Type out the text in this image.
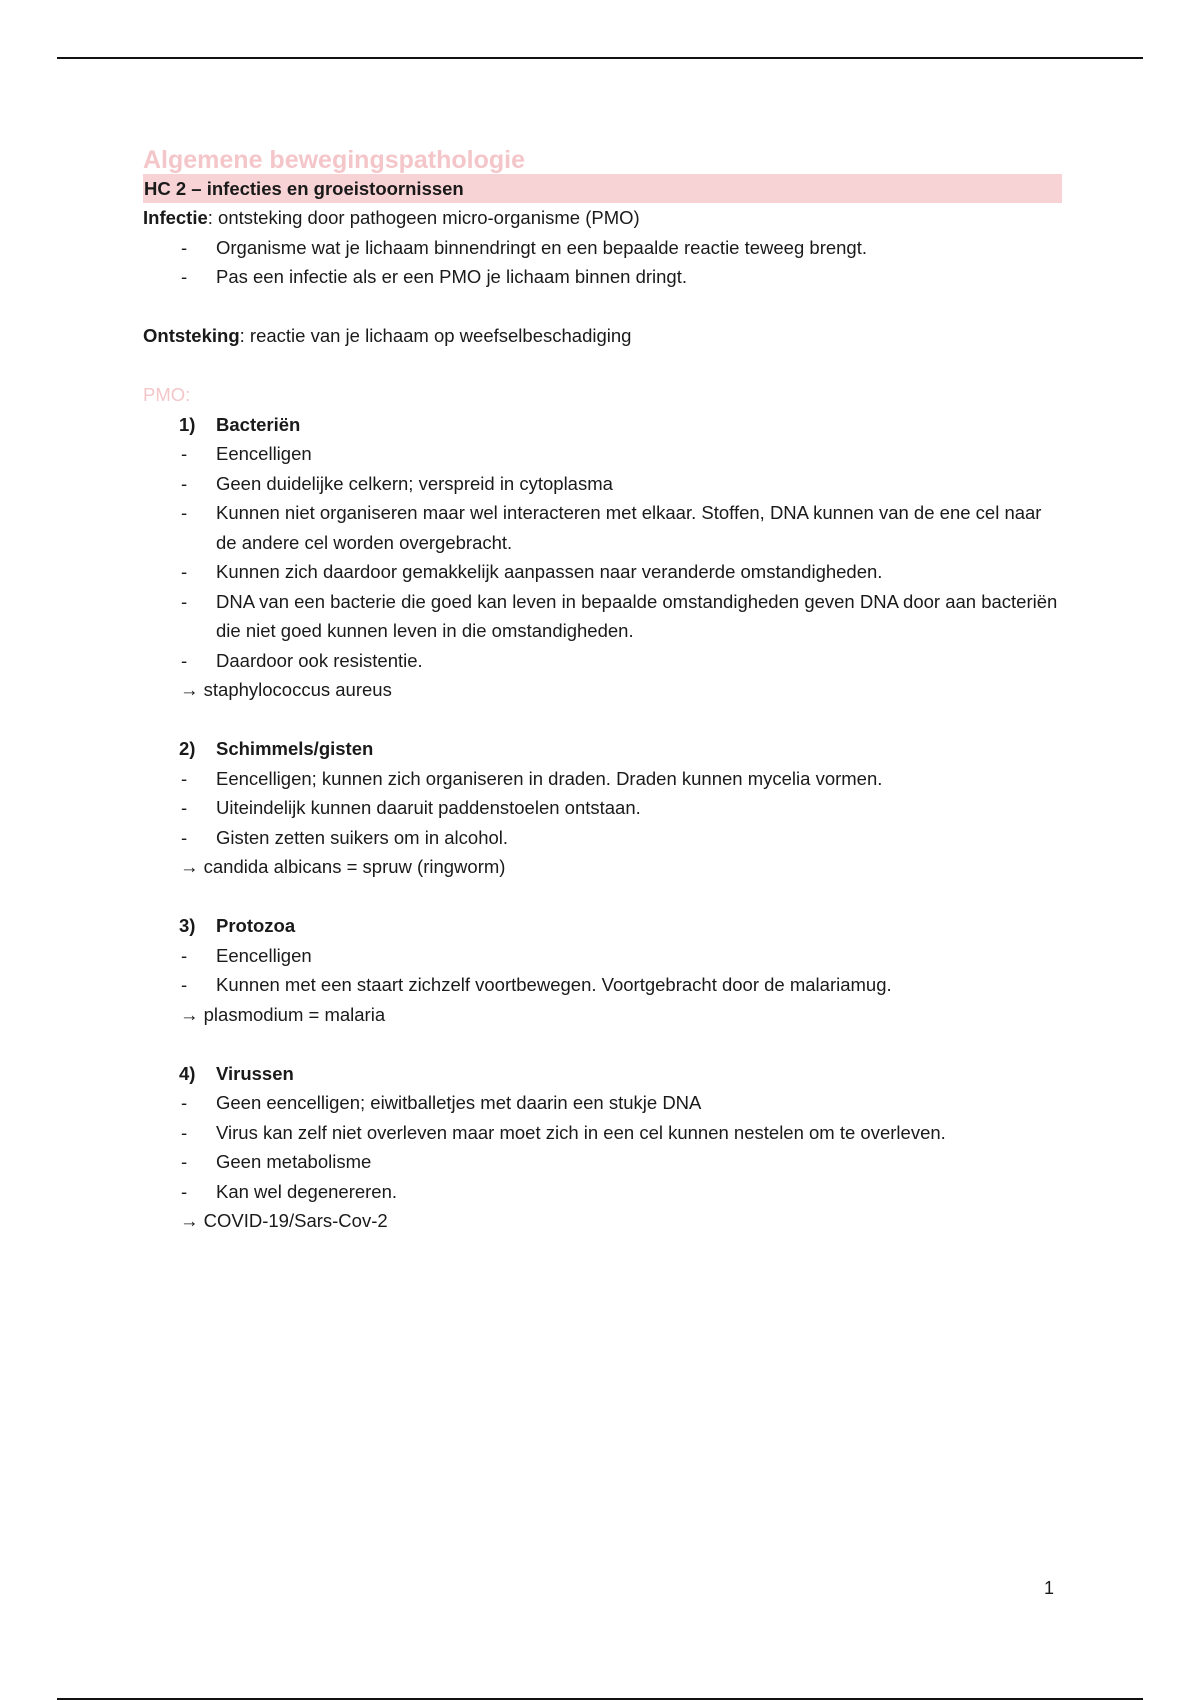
Algemene bewegingspathologie
HC 2 – infecties en groeistoornissen

Infectie: ontsteking door pathogeen micro-organisme (PMO)

- Organisme wat je lichaam binnendringt en een bepaalde reactie teweeg brengt.
- Pas een infectie als er een PMO je lichaam binnen dringt.

Ontsteking: reactie van je lichaam op weefselbeschadiging

PMO:

1) Bacteriën
- Eencelligen
- Geen duidelijke celkern; verspreid in cytoplasma
- Kunnen niet organiseren maar wel interacteren met elkaar. Stoffen, DNA kunnen van de ene cel naar de andere cel worden overgebracht.
- Kunnen zich daardoor gemakkelijk aanpassen naar veranderde omstandigheden.
- DNA van een bacterie die goed kan leven in bepaalde omstandigheden geven DNA door aan bacteriën die niet goed kunnen leven in die omstandigheden.
- Daardoor ook resistentie.

→ staphylococcus aureus

2) Schimmels/gisten
- Eencelligen; kunnen zich organiseren in draden. Draden kunnen mycelia vormen.
- Uiteindelijk kunnen daaruit paddenstoelen ontstaan.
- Gisten zetten suikers om in alcohol.

→ candida albicans = spruw (ringworm)

3) Protozoa
- Eencelligen
- Kunnen met een staart zichzelf voortbewegen. Voortgebracht door de malariamug.

→ plasmodium = malaria

4) Virussen
- Geen eencelligen; eiwitballetjes met daarin een stukje DNA
- Virus kan zelf niet overleven maar moet zich in een cel kunnen nestelen om te overleven.
- Geen metabolisme
- Kan wel degenereren.

→ COVID-19/Sars-Cov-2

1
